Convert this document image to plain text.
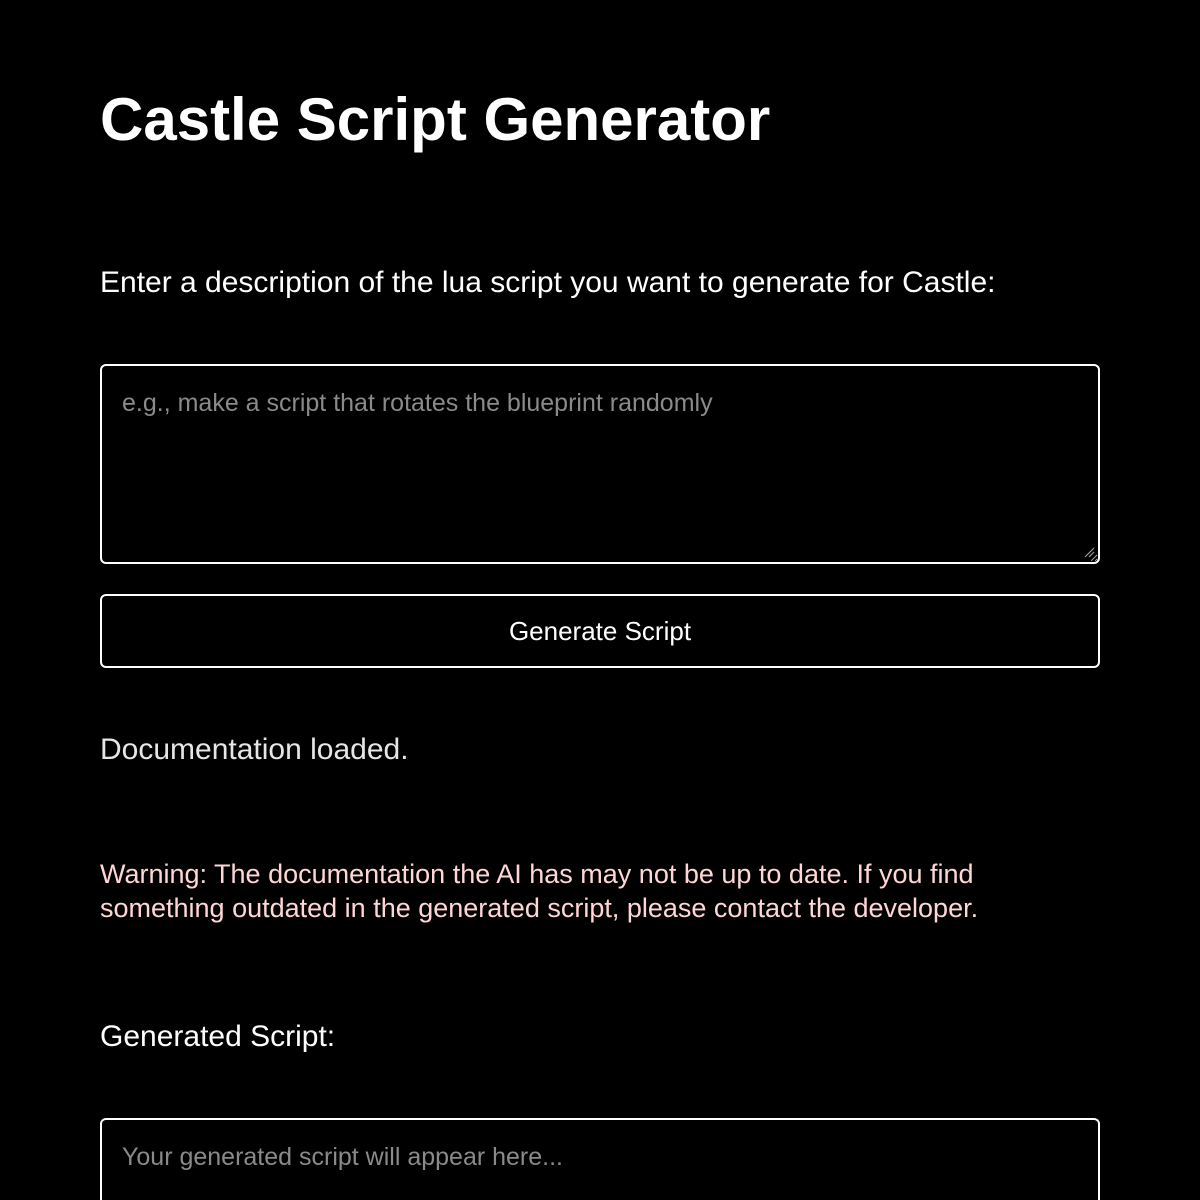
Castle Script Generator
Enter a description of the lua script you want to generate for Castle:
e.g., make a script that rotates the blueprint randomly
Generate Script

Documentation loaded.

Warning: The documentation the AI has may not be up to date. If you find something outdated in the generated script, please contact the developer.

Generated Script:
Your generated script will appear here...
